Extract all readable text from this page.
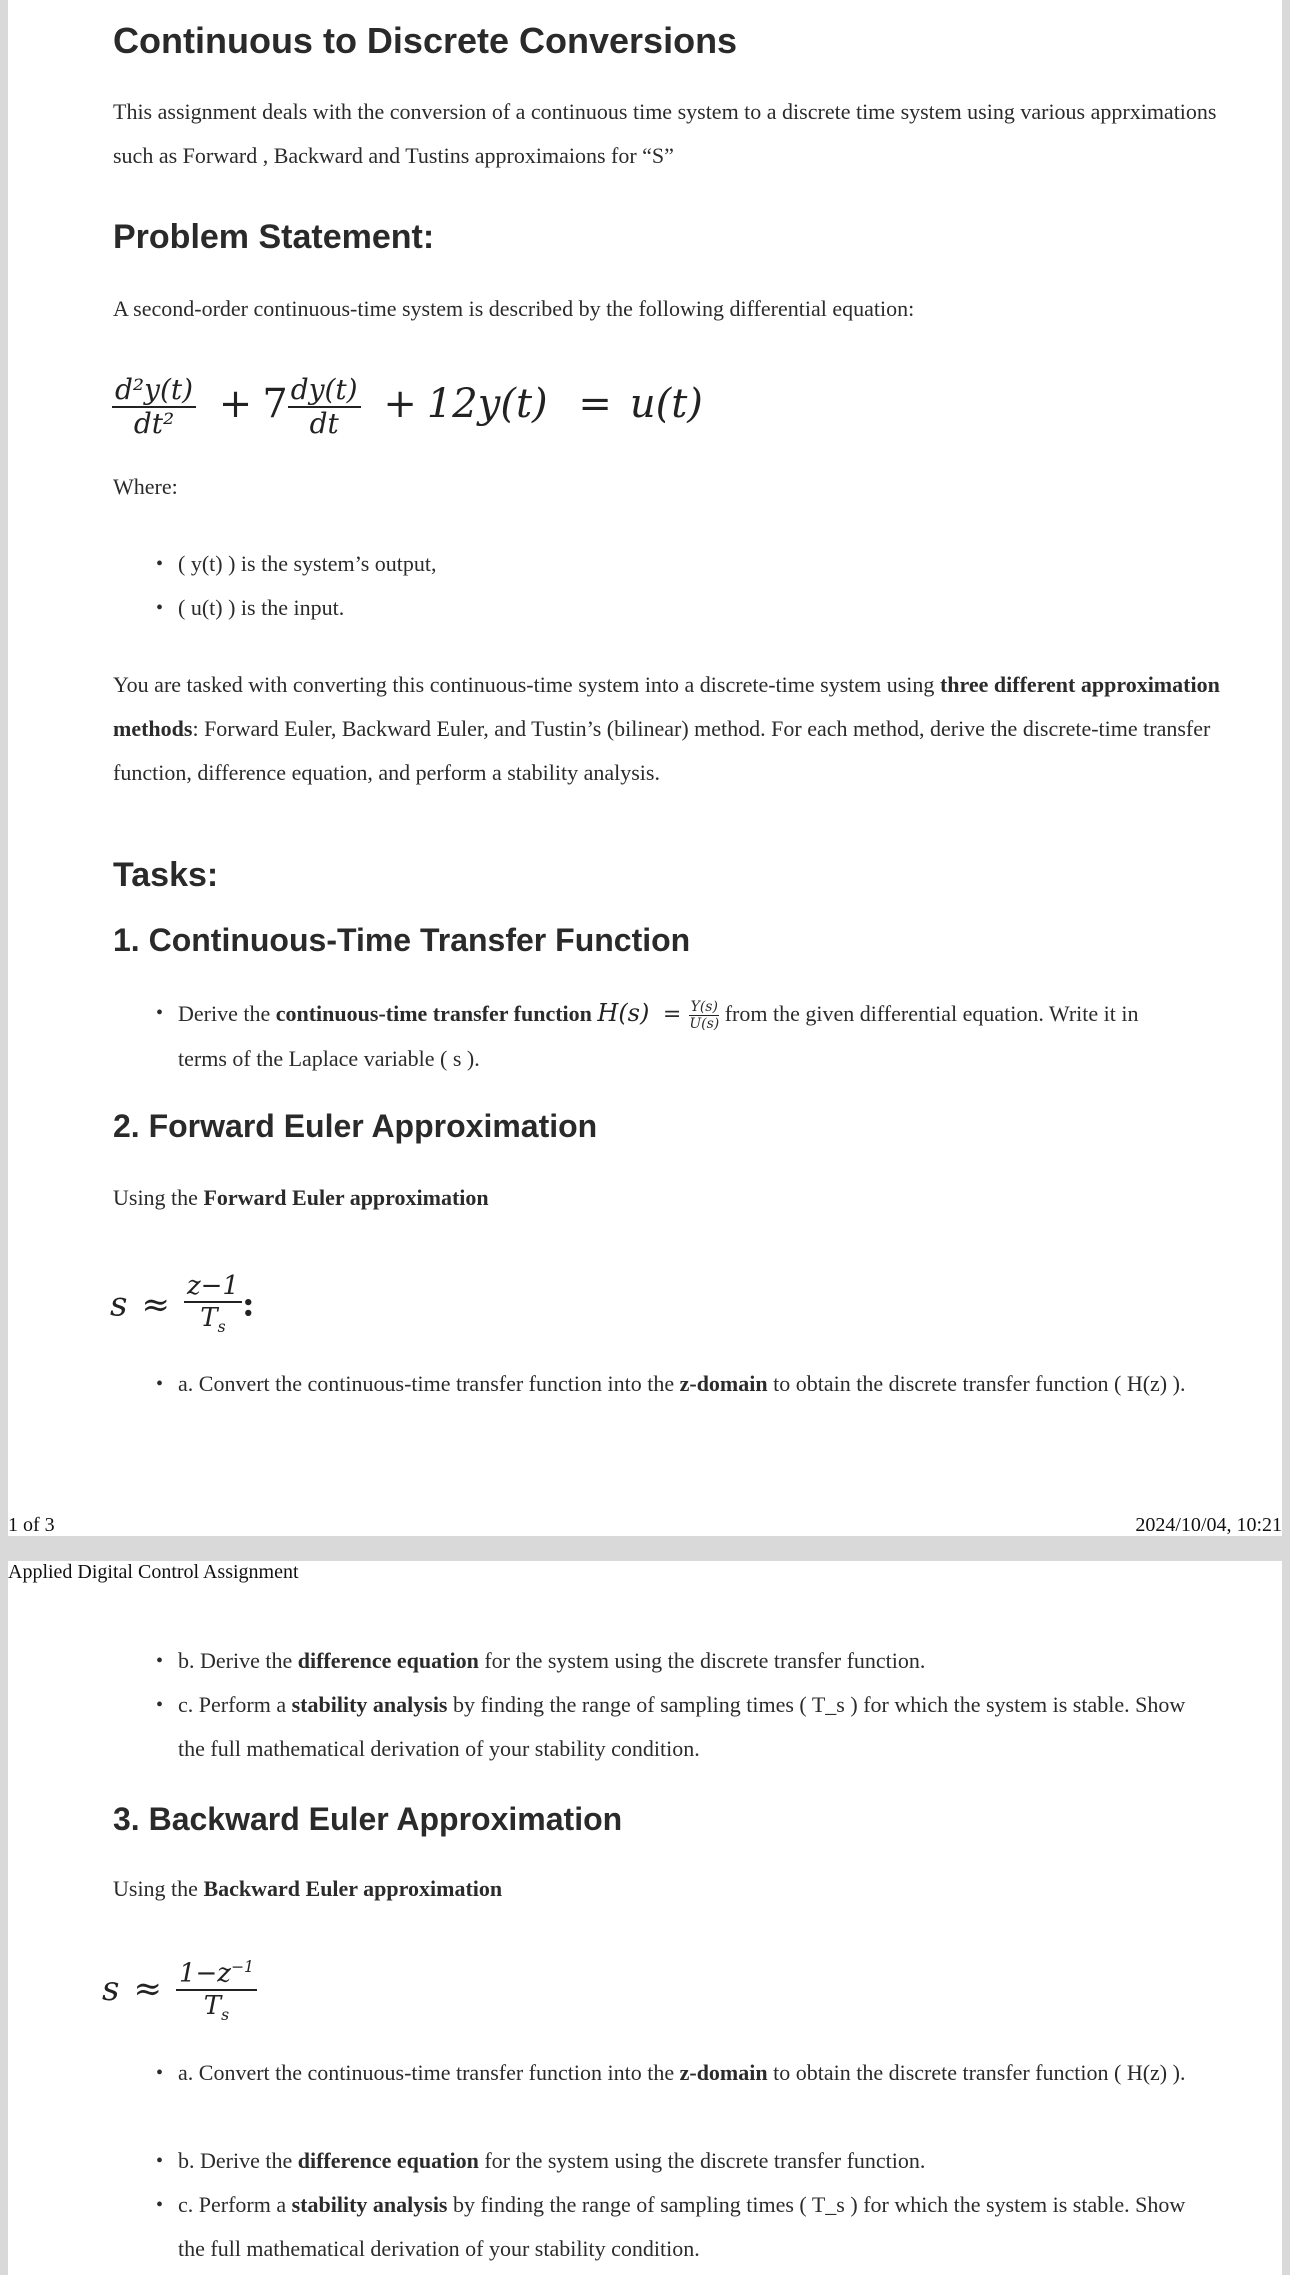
Continuous to Discrete Conversions

This assignment deals with the conversion of a continuous time system to a discrete time system using various apprximations such as Forward , Backward and Tustins approximaions for “S”

Problem Statement:

A second-order continuous-time system is described by the following differential equation:

$\frac{\text{d²y(t)}}{\text{dt²}} + 7 \frac{dy(t)}{dt} + 12y(t) = u(t)$

Where:

• ( y(t) ) is the system’s output,

• ( u(t) ) is the input.

You are tasked with converting this continuous-time system into a discrete-time system using three different approximation methods: Forward Euler, Backward Euler, and Tustin’s (bilinear) method. For each method, derive the discrete-time transfer function, difference equation, and perform a stability analysis.

Tasks:
1. Continuous-Time Transfer Function

• Derive the continuous-time transfer function $H(s) = \frac{Y(s)}{U(s)}$ from the given differential equation. Write it in terms of the Laplace variable ( s ).

2. Forward Euler Approximation

Using the Forward Euler approximation

$s \approx \frac{z-1}{T_s}$ :

• a. Convert the continuous-time transfer function into the z-domain to obtain the discrete transfer function ( H(z) ).

1 of 3	2024/10/04, 10:21
Applied Digital Control Assignment

• b. Derive the difference equation for the system using the discrete transfer function.

• c. Perform a stability analysis by finding the range of sampling times ( T_s ) for which the system is stable. Show the full mathematical derivation of your stability condition.

3. Backward Euler Approximation

Using the Backward Euler approximation

$s \approx \frac{1-z^{-1}}{T_s}$

• a. Convert the continuous-time transfer function into the z-domain to obtain the discrete transfer function ( H(z) ).

• b. Derive the difference equation for the system using the discrete transfer function.

• c. Perform a stability analysis by finding the range of sampling times ( T_s ) for which the system is stable. Show the full mathematical derivation of your stability condition.
